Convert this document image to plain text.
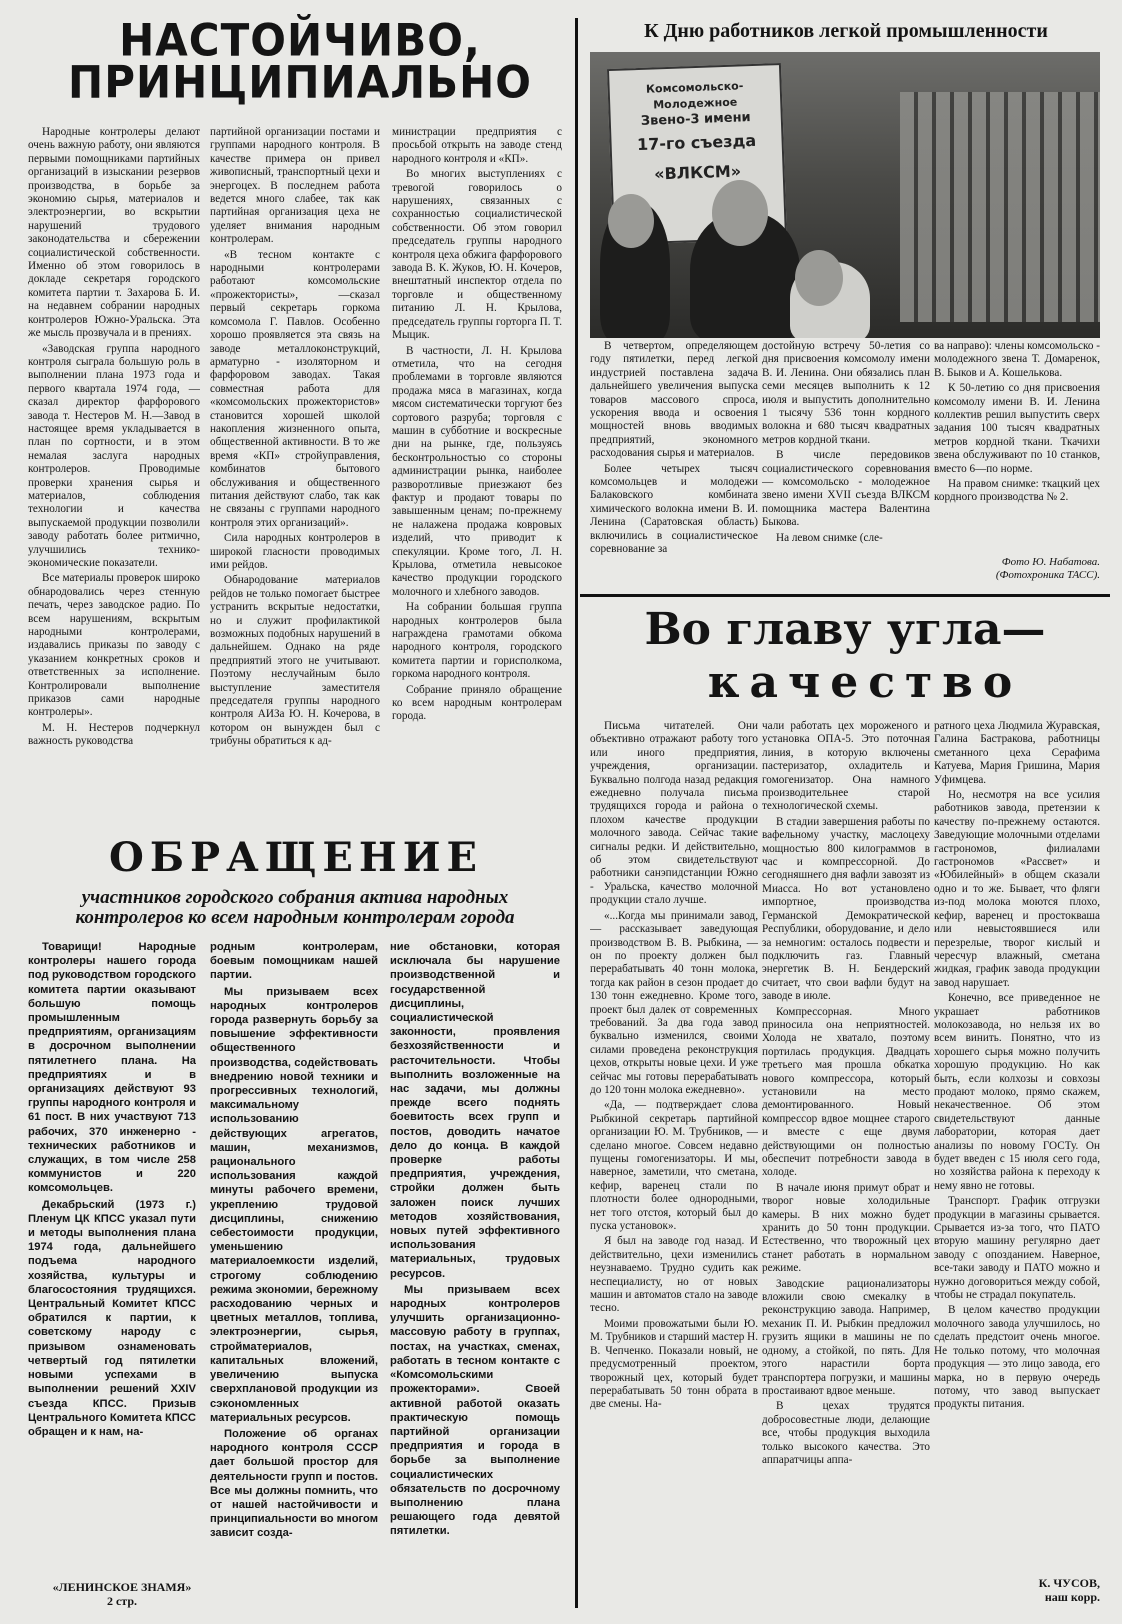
НАСТОЙЧИВО,
ПРИНЦИПИАЛЬНО

Народные контролеры делают очень важную работу, они являются первыми помощниками партийных организаций в изыскании резервов производства, в борьбе за экономию сырья, материалов и электроэнергии, во вскрытии нарушений трудового законодательства и сбережении социалистической собственности. Именно об этом говорилось в докладе секретаря городского комитета партии т. Захарова Б. И. на недавнем собрании народных контролеров Южно-Уральска. Эта же мысль прозвучала и в прениях.

«Заводская группа народного контроля сыграла большую роль в выполнении плана 1973 года и первого квартала 1974 года, — сказал директор фарфорового завода т. Нестеров М. Н.—Завод в настоящее время укладывается в план по сортности, и в этом немалая заслуга народных контролеров. Проводимые проверки хранения сырья и материалов, соблюдения технологии и качества выпускаемой продукции позволили заводу работать более ритмично, улучшились технико-экономические показатели.

Все материалы проверок широко обнародовались через стенную печать, через заводское радио. По всем нарушениям, вскрытым народными контролерами, издавались приказы по заводу с указанием конкретных сроков и ответственных за исполнение. Контролировали выполнение приказов сами народные контролеры».

М. Н. Нестеров подчеркнул важность руководства

партийной организации постами и группами народного контроля. В качестве примера он привел живописный, транспортный цехи и энергоцех. В последнем работа ведется много слабее, так как партийная организация цеха не уделяет внимания народным контролерам.

«В тесном контакте с народными контролерами работают комсомольские «прожектористы», —сказал первый секретарь горкома комсомола Г. Павлов. Особенно хорошо проявляется эта связь на заводе металлоконструкций, арматурно - изоляторном и фарфоровом заводах. Такая совместная работа для «комсомольских прожектористов» становится хорошей школой накопления жизненного опыта, общественной активности. В то же время «КП» стройуправления, комбинатов бытового обслуживания и общественного питания действуют слабо, так как не связаны с группами народного контроля этих организаций».

Сила народных контролеров в широкой гласности проводимых ими рейдов.

Обнародование материалов рейдов не только помогает быстрее устранить вскрытые недостатки, но и служит профилактикой возможных подобных нарушений в дальнейшем. Однако на ряде предприятий этого не учитывают. Поэтому неслучайным было выступление заместителя председателя группы народного контроля АИЗа Ю. Н. Кочерова, в котором он вынужден был с трибуны обратиться к ад-

министрации предприятия с просьбой открыть на заводе стенд народного контроля и «КП».

Во многих выступлениях с тревогой говорилось о нарушениях, связанных с сохранностью социалистической собственности. Об этом говорил председатель группы народного контроля цеха обжига фарфорового завода В. К. Жуков, Ю. Н. Кочеров, внештатный инспектор отдела по торговле и общественному питанию Л. Н. Крылова, председатель группы горторга П. Т. Мыцик.

В частности, Л. Н. Крылова отметила, что на сегодня проблемами в торговле являются продажа мяса в магазинах, когда мясом систематически торгуют без сортового разруба; торговля с машин в субботние и воскресные дни на рынке, где, пользуясь бесконтрольностью со стороны администрации рынка, наиболее разворотливые приезжают без фактур и продают товары по завышенным ценам; по-прежнему не налажена продажа ковровых изделий, что приводит к спекуляции. Кроме того, Л. Н. Крылова, отметила невысокое качество продукции городского молочного и хлебного заводов.

На собрании большая группа народных контролеров была награждена грамотами обкома народного контроля, городского комитета партии и горисполкома, горкома народного контроля.

Собрание приняло обращение ко всем народным контролерам города.

ОБРАЩЕНИЕ
участников городского собрания актива народных
контролеров ко всем народным контролерам города

Товарищи! Народные контролеры нашего города под руководством городского комитета партии оказывают большую помощь промышленным предприятиям, организациям в досрочном выполнении пятилетнего плана. На предприятиях и в организациях действуют 93 группы народного контроля и 61 пост. В них участвуют 713 рабочих, 370 инженерно - технических работников и служащих, в том числе 258 коммунистов и 220 комсомольцев.

Декабрьский (1973 г.) Пленум ЦК КПСС указал пути и методы выполнения плана 1974 года, дальнейшего подъема народного хозяйства, культуры и благосостояния трудящихся. Центральный Комитет КПСС обратился к партии, к советскому народу с призывом ознаменовать четвертый год пятилетки новыми успехами в выполнении решений XXIV съезда КПСС. Призыв Центрального Комитета КПСС обращен и к нам, на-

родным контролерам, боевым помощникам нашей партии.

Мы призываем всех народных контролеров города развернуть борьбу за повышение эффективности общественного производства, содействовать внедрению новой техники и прогрессивных технологий, максимальному использованию действующих агрегатов, машин, механизмов, рационального использования каждой минуты рабочего времени, укреплению трудовой дисциплины, снижению себестоимости продукции, уменьшению материалоемкости изделий, строгому соблюдению режима экономии, бережному расходованию черных и цветных металлов, топлива, электроэнергии, сырья, стройматериалов, капитальных вложений, увеличению выпуска сверхплановой продукции из сэкономленных материальных ресурсов.

Положение об органах народного контроля СССР дает большой простор для деятельности групп и постов. Все мы должны помнить, что от нашей настойчивости и принципиальности во многом зависит созда-

ние обстановки, которая исключала бы нарушение производственной и государственной дисциплины, социалистической законности, проявления безхозяйственности и расточительности. Чтобы выполнить возложенные на нас задачи, мы должны прежде всего поднять боевитость всех групп и постов, доводить начатое дело до конца. В каждой проверке работы предприятия, учреждения, стройки должен быть заложен поиск лучших методов хозяйствования, новых путей эффективного использования материальных, трудовых ресурсов.

Мы призываем всех народных контролеров улучшить организационно-массовую работу в группах, постах, на участках, сменах, работать в тесном контакте с «Комсомольскими прожекторами». Своей активной работой оказать практическую помощь партийной организации предприятия и города в борьбе за выполнение социалистических обязательств по досрочному выполнению плана решающего года девятой пятилетки.

«ЛЕНИНСКОЕ ЗНАМЯ»
2 стр.
К Дню работников легкой промышленности
Комсомольско-Молодежное
Звено-3 имени
17-го съезда «ВЛКСМ»

В четвертом, определяющем году пятилетки, перед легкой индустрией поставлена задача дальнейшего увеличения выпуска товаров массового спроса, ускорения ввода и освоения мощностей вновь вводимых предприятий, экономного расходования сырья и материалов.

Более четырех тысяч комсомольцев и молодежи Балаковского комбината химического волокна имени В. И. Ленина (Саратовская область) включились в социалистическое соревнование за

достойную встречу 50-летия со дня присвоения комсомолу имени В. И. Ленина. Они обязались план семи месяцев выполнить к 12 июля и выпустить дополнительно 1 тысячу 536 тонн кордного волокна и 680 тысяч квадратных метров кордной ткани.

В числе передовиков социалистического соревнования — комсомольско - молодежное звено имени XVII съезда ВЛКСМ помощника мастера Валентина Быкова.

На левом снимке (сле-

ва направо): члены комсомольско - молодежного звена Т. Домаренок, В. Быков и А. Кошелькова.

К 50-летию со дня присвоения комсомолу имени В. И. Ленина коллектив решил выпустить сверх задания 100 тысяч квадратных метров кордной ткани. Ткачихи звена обслуживают по 10 станков, вместо 6—по норме.

На правом снимке: ткацкий цех кордного производства № 2.

Фото Ю. Набатова.
(Фотохроника ТАСС).
Во главу угла—
качество

Письма читателей. Они объективно отражают работу того или иного предприятия, учреждения, организации. Буквально полгода назад редакция ежедневно получала письма трудящихся города и района о плохом качестве продукции молочного завода. Сейчас такие сигналы редки. И действительно, об этом свидетельствуют работники санэпидстанции Южно - Уральска, качество молочной продукции стало лучше.

«...Когда мы принимали завод, — рассказывает заведующая производством В. В. Рыбкина, — он по проекту должен был перерабатывать 40 тонн молока, тогда как район в сезон продает до 130 тонн ежедневно. Кроме того, проект был далек от современных требований. За два года завод буквально изменился, своими силами проведена реконструкция цехов, открыты новые цехи. И уже сейчас мы готовы перерабатывать до 120 тонн молока ежедневно».

«Да, — подтверждает слова Рыбкиной секретарь партийной организации Ю. М. Трубников, — сделано многое. Совсем недавно пущены гомогенизаторы. И мы, наверное, заметили, что сметана, кефир, варенец стали по плотности более однородными, нет того отстоя, который был до пуска установок».

Я был на заводе год назад. И действительно, цехи изменились неузнаваемо. Трудно судить как неспециалисту, но от новых машин и автоматов стало на заводе тесно.

Моими провожатыми были Ю. М. Трубников и старший мастер Н. В. Чепченко. Показали новый, не предусмотренный проектом, творожный цех, который будет перерабатывать 50 тонн обрата в две смены. На-

чали работать цех мороженого и установка ОПА-5. Это поточная линия, в которую включены пастеризатор, охладитель и гомогенизатор. Она намного производительнее старой технологической схемы.

В стадии завершения работы по вафельному участку, маслоцеху мощностью 800 килограммов в час и компрессорной. До сегодняшнего дня вафли завозят из Миасса. Но вот установлено импортное, производства Германской Демократической Республики, оборудование, и дело за немногим: осталось подвести и подключить газ. Главный энергетик В. Н. Бендерский считает, что свои вафли будут на заводе в июле.

Компрессорная. Много приносила она неприятностей. Холода не хватало, поэтому портилась продукция. Двадцать третьего мая прошла обкатка нового компрессора, который установили на место демонтированного. Новый компрессор вдвое мощнее старого и вместе с еще двумя действующими он полностью обеспечит потребности завода в холоде.

В начале июня примут обрат и творог новые холодильные камеры. В них можно будет хранить до 50 тонн продукции. Естественно, что творожный цех станет работать в нормальном режиме.

Заводские рационализаторы вложили свою смекалку в реконструкцию завода. Например, механик П. И. Рыбкин предложил грузить ящики в машины не по одному, а стойкой, по пять. Для этого нарастили борта транспортера погрузки, и машины простаивают вдвое меньше.

В цехах трудятся добросовестные люди, делающие все, чтобы продукция выходила только высокого качества. Это аппаратчицы аппа-

ратного цеха Людмила Журавская, Галина Бастракова, работницы сметанного цеха Серафима Катуева, Мария Гришина, Мария Уфимцева.

Но, несмотря на все усилия работников завода, претензии к качеству по-прежнему остаются. Заведующие молочными отделами гастрономов, филиалами гастрономов «Рассвет» и «Юбилейный» в общем сказали одно и то же. Бывает, что фляги из-под молока моются плохо, кефир, варенец и простокваша или невыстоявшиеся или перезрелые, творог кислый и чересчур влажный, сметана жидкая, график завода продукции завод нарушает.

Конечно, все приведенное не украшает работников молокозавода, но нельзя их во всем винить. Понятно, что из хорошего сырья можно получить хорошую продукцию. Но как быть, если колхозы и совхозы продают молоко, прямо скажем, некачественное. Об этом свидетельствуют данные лаборатории, которая дает анализы по новому ГОСТу. Он будет введен с 15 июля сего года, но хозяйства района к переходу к нему явно не готовы.

Транспорт. График отгрузки продукции в магазины срывается. Срывается из-за того, что ПАТО вторую машину регулярно дает заводу с опозданием. Наверное, все-таки заводу и ПАТО можно и нужно договориться между собой, чтобы не страдал покупатель.

В целом качество продукции молочного завода улучшилось, но сделать предстоит очень многое. Не только потому, что молочная продукция — это лицо завода, его марка, но в первую очередь потому, что завод выпускает продукты питания.

К. ЧУСОВ,
наш корр.
